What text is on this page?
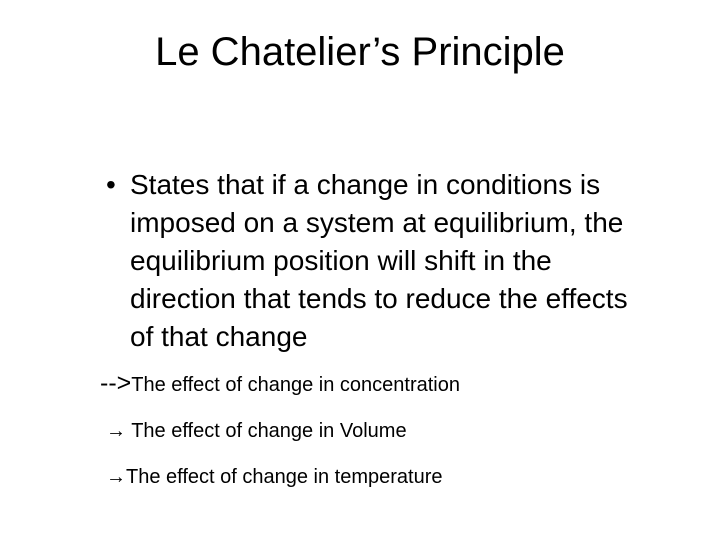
Le Chatelier’s Principle
• States that if a change in conditions is
imposed on a system at equilibrium, the
equilibrium position will shift in the
direction that tends to reduce the effects
of that change
-->The effect of change in concentration
→ The effect of change in Volume
→The effect of change in temperature
